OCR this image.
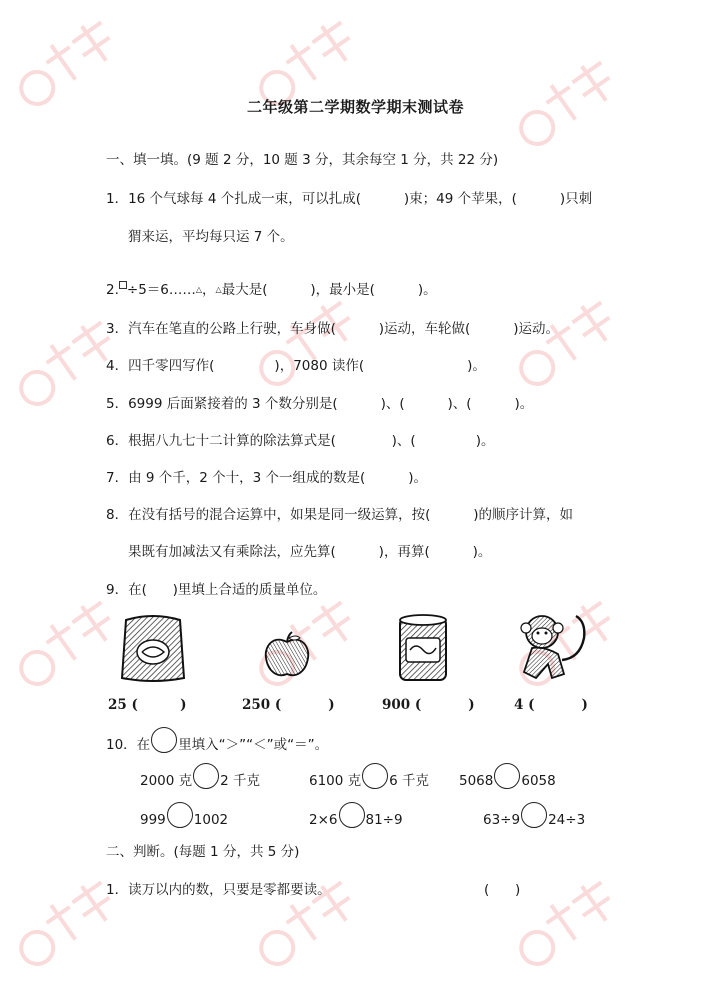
二年级第二学期数学期末测试卷
一、填一填。(9 题 2 分，10 题 3 分，其余每空 1 分，共 22 分)
1．16 个气球每 4 个扎成一束，可以扎成(          )束；49 个苹果，(          )只刺
猬来运，平均每只运 7 个。
2. ÷5＝6……△，△最大是(          )，最小是(          )。
3．汽车在笔直的公路上行驶，车身做(          )运动，车轮做(          )运动。
4．四千零四写作(              )，7080 读作(                        )。
5．6999 后面紧接着的 3 个数分别是(          )、(          )、(          )。
6．根据八九七十二计算的除法算式是(             )、(              )。
7．由 9 个千，2 个十，3 个一组成的数是(          )。
8．在没有括号的混合运算中，如果是同一级运算，按(          )的顺序计算，如
果既有加减法又有乘除法，应先算(          )，再算(          )。
9．在(      )里填上合适的质量单位。
25 (         )	250 (          )	900 (          )	4 (          )
10．在 里填入“＞”“＜”或“＝”。
2000 克 2 千克	6100 克 6 千克 5068 6058
999 1002	2×6 81÷9	63÷9 24÷3
二、判断。(每题 1 分，共 5 分)
1．读万以内的数，只要是零都要读。	(      )
